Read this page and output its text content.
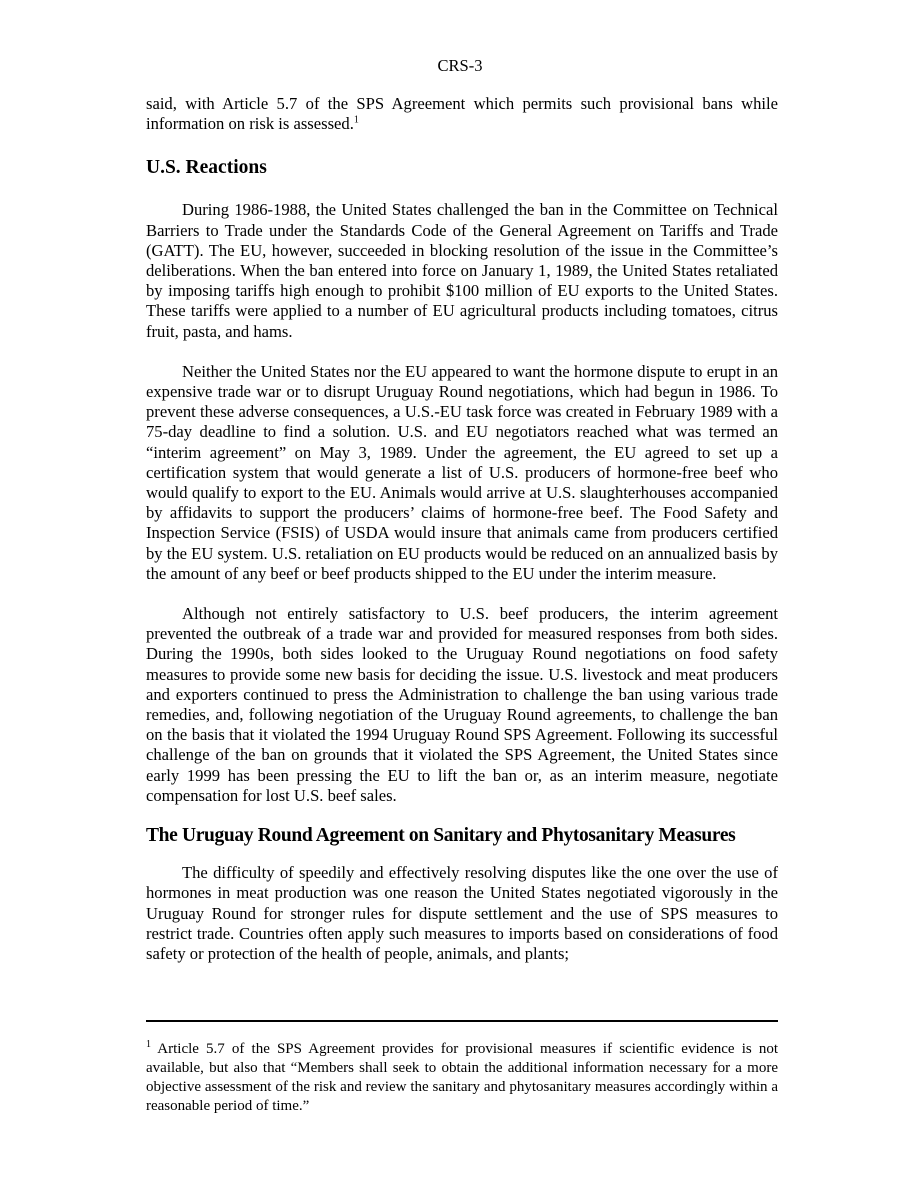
CRS-3

said, with Article 5.7 of the SPS Agreement which permits such provisional bans while information on risk is assessed.$^1$

U.S. Reactions

During 1986-1988, the United States challenged the ban in the Committee on Technical Barriers to Trade under the Standards Code of the General Agreement on Tariffs and Trade (GATT). The EU, however, succeeded in blocking resolution of the issue in the Committee’s deliberations. When the ban entered into force on January 1, 1989, the United States retaliated by imposing tariffs high enough to prohibit $100 million of EU exports to the United States. These tariffs were applied to a number of EU agricultural products including tomatoes, citrus fruit, pasta, and hams.

Neither the United States nor the EU appeared to want the hormone dispute to erupt in an expensive trade war or to disrupt Uruguay Round negotiations, which had begun in 1986. To prevent these adverse consequences, a U.S.-EU task force was created in February 1989 with a 75-day deadline to find a solution. U.S. and EU negotiators reached what was termed an “interim agreement” on May 3, 1989. Under the agreement, the EU agreed to set up a certification system that would generate a list of U.S. producers of hormone-free beef who would qualify to export to the EU. Animals would arrive at U.S. slaughterhouses accompanied by affidavits to support the producers’ claims of hormone-free beef. The Food Safety and Inspection Service (FSIS) of USDA would insure that animals came from producers certified by the EU system. U.S. retaliation on EU products would be reduced on an annualized basis by the amount of any beef or beef products shipped to the EU under the interim measure.

Although not entirely satisfactory to U.S. beef producers, the interim agreement prevented the outbreak of a trade war and provided for measured responses from both sides. During the 1990s, both sides looked to the Uruguay Round negotiations on food safety measures to provide some new basis for deciding the issue. U.S. livestock and meat producers and exporters continued to press the Administration to challenge the ban using various trade remedies, and, following negotiation of the Uruguay Round agreements, to challenge the ban on the basis that it violated the 1994 Uruguay Round SPS Agreement. Following its successful challenge of the ban on grounds that it violated the SPS Agreement, the United States since early 1999 has been pressing the EU to lift the ban or, as an interim measure, negotiate compensation for lost U.S. beef sales.

The Uruguay Round Agreement on Sanitary and Phytosanitary Measures

The difficulty of speedily and effectively resolving disputes like the one over the use of hormones in meat production was one reason the United States negotiated vigorously in the Uruguay Round for stronger rules for dispute settlement and the use of SPS measures to restrict trade. Countries often apply such measures to imports based on considerations of food safety or protection of the health of people, animals, and plants;

$^1$ Article 5.7 of the SPS Agreement provides for provisional measures if scientific evidence is not available, but also that “Members shall seek to obtain the additional information necessary for a more objective assessment of the risk and review the sanitary and phytosanitary measures accordingly within a reasonable period of time.”
